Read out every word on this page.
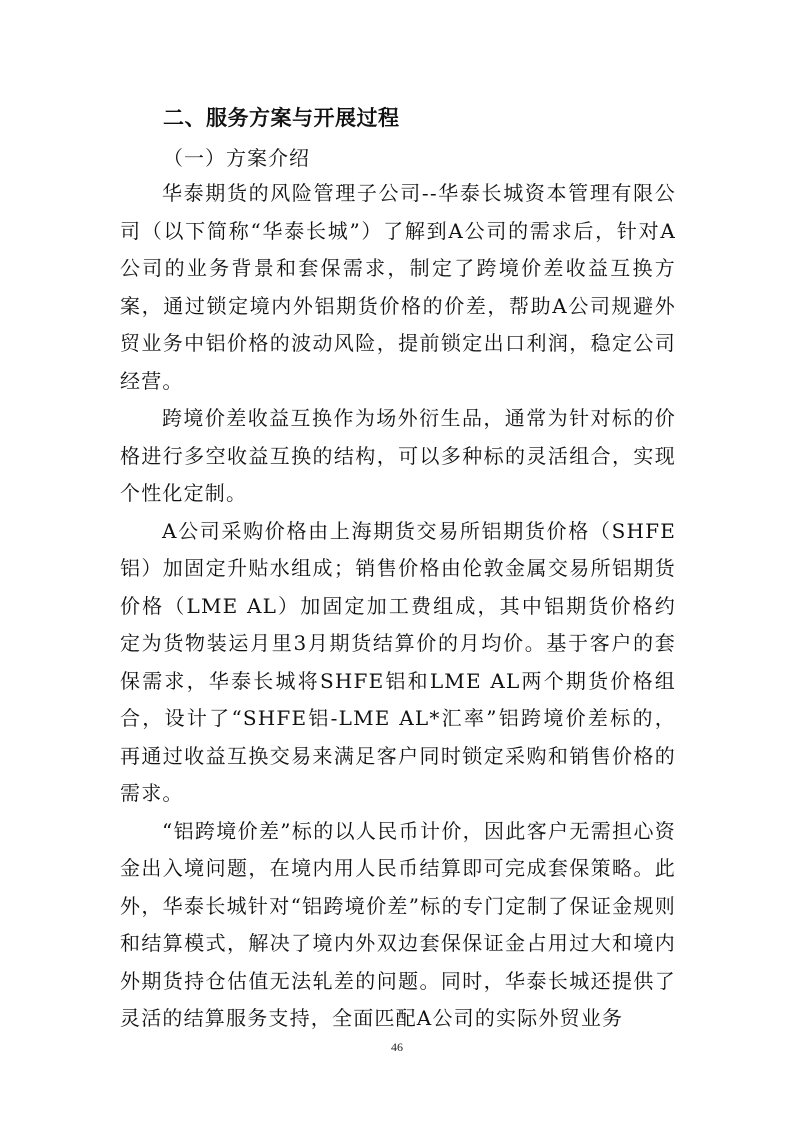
二、服务方案与开展过程
（一）方案介绍

华泰期货的风险管理子公司--华泰长城资本管理有限公司（以下简称“华泰长城”）了解到A公司的需求后，针对A公司的业务背景和套保需求，制定了跨境价差收益互换方案，通过锁定境内外铝期货价格的价差，帮助A公司规避外贸业务中铝价格的波动风险，提前锁定出口利润，稳定公司经营。

跨境价差收益互换作为场外衍生品，通常为针对标的价格进行多空收益互换的结构，可以多种标的灵活组合，实现个性化定制。

A公司采购价格由上海期货交易所铝期货价格（SHFE铝）加固定升贴水组成；销售价格由伦敦金属交易所铝期货价格（LME AL）加固定加工费组成，其中铝期货价格约定为货物装运月里3月期货结算价的月均价。基于客户的套保需求，华泰长城将SHFE铝和LME AL两个期货价格组合，设计了“SHFE铝-LME AL*汇率”铝跨境价差标的，再通过收益互换交易来满足客户同时锁定采购和销售价格的需求。

“铝跨境价差”标的以人民币计价，因此客户无需担心资金出入境问题，在境内用人民币结算即可完成套保策略。此外，华泰长城针对“铝跨境价差”标的专门定制了保证金规则和结算模式，解决了境内外双边套保保证金占用过大和境内外期货持仓估值无法轧差的问题。同时，华泰长城还提供了灵活的结算服务支持，全面匹配A公司的实际外贸业务

46
